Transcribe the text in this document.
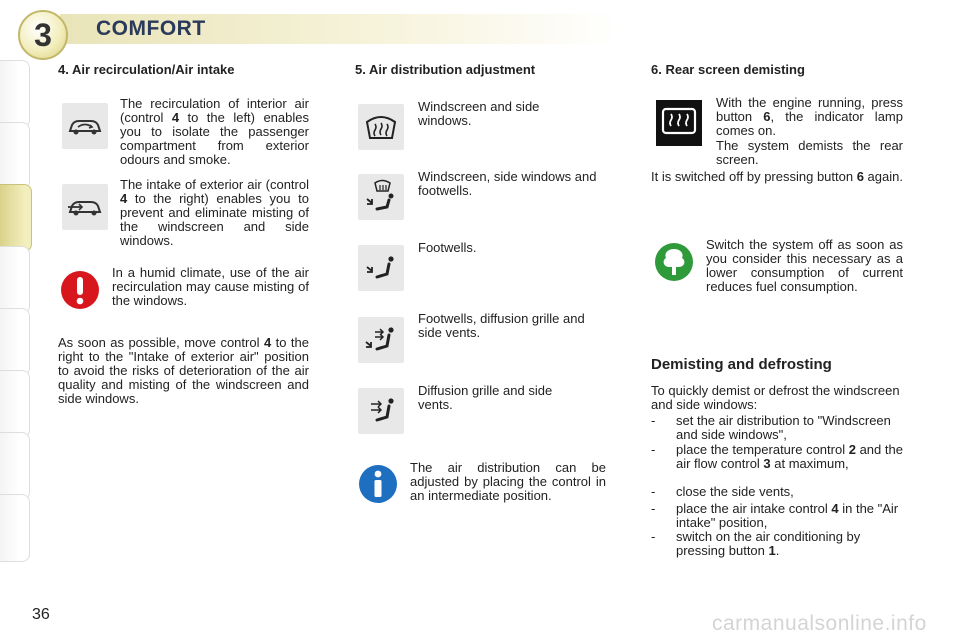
3 COMFORT
4. Air recirculation/Air intake
The recirculation of interior air (control 4 to the left) enables you to isolate the passenger compartment from exterior odours and smoke.
The intake of exterior air (control 4 to the right) enables you to prevent and eliminate misting of the windscreen and side windows.
In a humid climate, use of the air recirculation may cause misting of the windows.
As soon as possible, move control 4 to the right to the "Intake of exterior air" position to avoid the risks of deterioration of the air quality and misting of the windscreen and side windows.
5. Air distribution adjustment
Windscreen and side windows.
Windscreen, side windows and footwells.
Footwells.
Footwells, diffusion grille and side vents.
Diffusion grille and side vents.
The air distribution can be adjusted by placing the control in an intermediate position.
6. Rear screen demisting
With the engine running, press button 6, the indicator lamp comes on.
The system demists the rear screen.
It is switched off by pressing button 6 again.
Switch the system off as soon as you consider this necessary as a lower consumption of current reduces fuel consumption.
Demisting and defrosting
To quickly demist or defrost the windscreen and side windows:
- set the air distribution to "Windscreen and side windows",
- place the temperature control 2 and the air flow control 3 at maximum,
- close the side vents,
- place the air intake control 4 in the "Air intake" position,
- switch on the air conditioning by pressing button 1.
36	carmanualsonline.info
